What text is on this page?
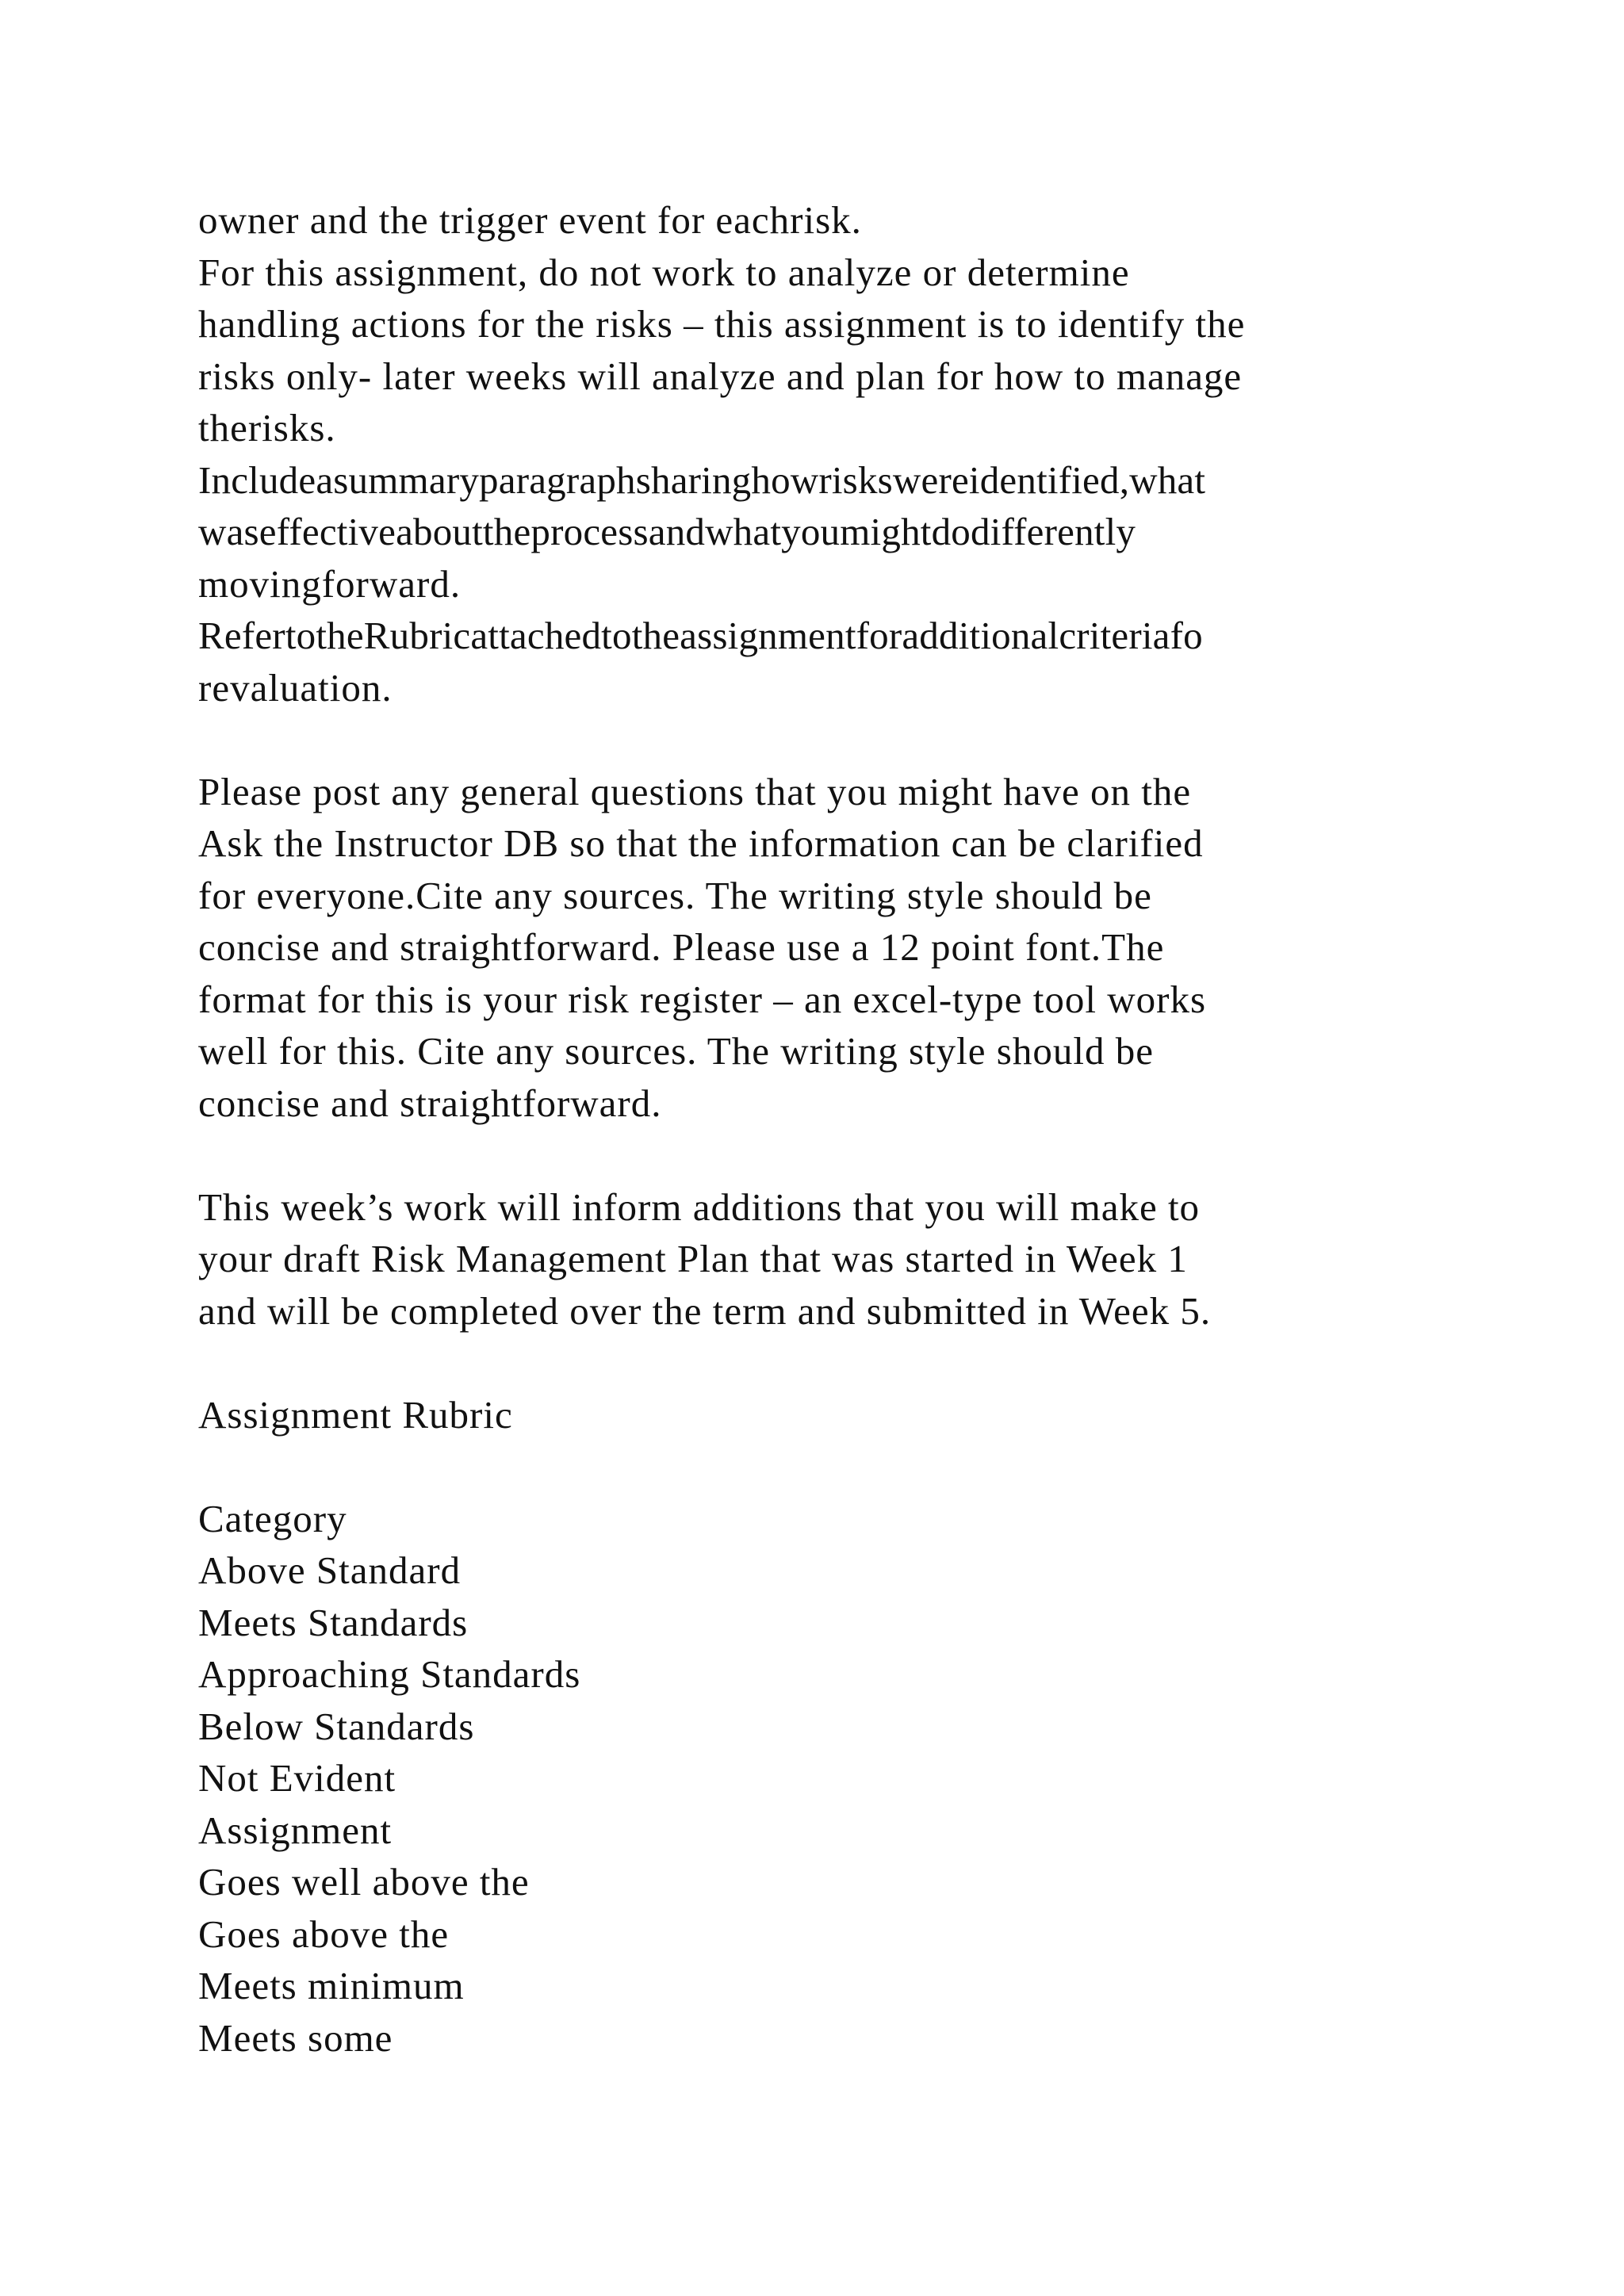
owner and the trigger event for eachrisk.
For this assignment, do not work to analyze or determine
handling actions for the risks – this assignment is to identify the
risks only- later weeks will analyze and plan for how to manage
therisks.
Includeasummaryparagraphsharinghowriskswereidentified,what
waseffectiveabouttheprocessandwhatyoumightdodifferently
movingforward.
RefertotheRubricattachedtotheassignmentforadditionalcriteriafo
revaluation.
Please post any general questions that you might have on the
Ask the Instructor DB so that the information can be clarified
for everyone.Cite any sources. The writing style should be
concise and straightforward. Please use a 12 point font.The
format for this is your risk register – an excel-type tool works
well for this. Cite any sources. The writing style should be
concise and straightforward.
This week’s work will inform additions that you will make to
your draft Risk Management Plan that was started in Week 1
and will be completed over the term and submitted in Week 5.
Assignment Rubric
Category
Above Standard
Meets Standards
Approaching Standards
Below Standards
Not Evident
Assignment
Goes well above the
Goes above the
Meets minimum
Meets some
